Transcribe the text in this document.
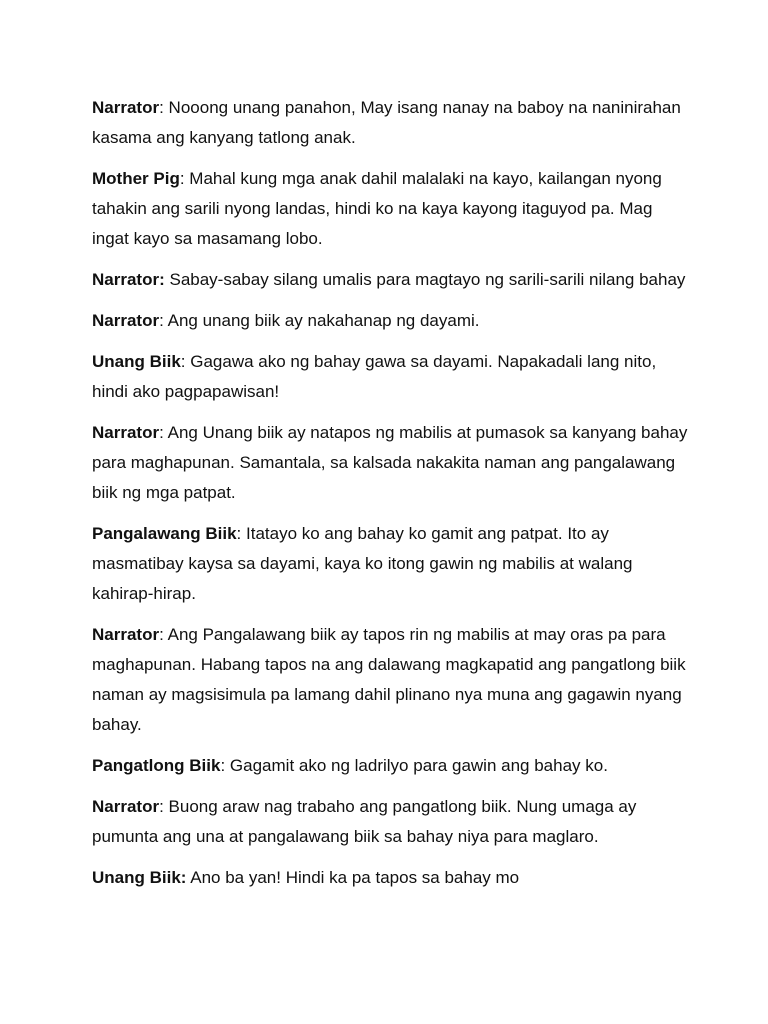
Narrator: Nooong unang panahon, May isang nanay na baboy na naninirahan kasama ang kanyang tatlong anak.

Mother Pig: Mahal kung mga anak dahil malalaki na kayo, kailangan nyong tahakin ang sarili nyong landas, hindi ko na kaya kayong itaguyod pa. Mag ingat kayo sa masamang lobo.

Narrator: Sabay-sabay silang umalis para magtayo ng sarili-sarili nilang bahay

Narrator: Ang unang biik ay nakahanap ng dayami.

Unang Biik: Gagawa ako ng bahay gawa sa dayami. Napakadali lang nito, hindi ako pagpapawisan!

Narrator: Ang Unang biik ay natapos ng mabilis at pumasok sa kanyang bahay para maghapunan. Samantala, sa kalsada nakakita naman ang pangalawang biik ng mga patpat.

Pangalawang Biik: Itatayo ko ang bahay ko gamit ang patpat. Ito ay masmatibay kaysa sa dayami, kaya ko itong gawin ng mabilis at walang kahirap-hirap.

Narrator: Ang Pangalawang biik ay tapos rin ng mabilis at may oras pa para maghapunan. Habang tapos na ang dalawang magkapatid ang pangatlong biik naman ay magsisimula pa lamang dahil plinano nya muna ang gagawin nyang bahay.

Pangatlong Biik: Gagamit ako ng ladrilyo para gawin ang bahay ko.

Narrator: Buong araw nag trabaho ang pangatlong biik. Nung umaga ay pumunta ang una at pangalawang biik sa bahay niya para maglaro.

Unang Biik: Ano ba yan! Hindi ka pa tapos sa bahay mo
